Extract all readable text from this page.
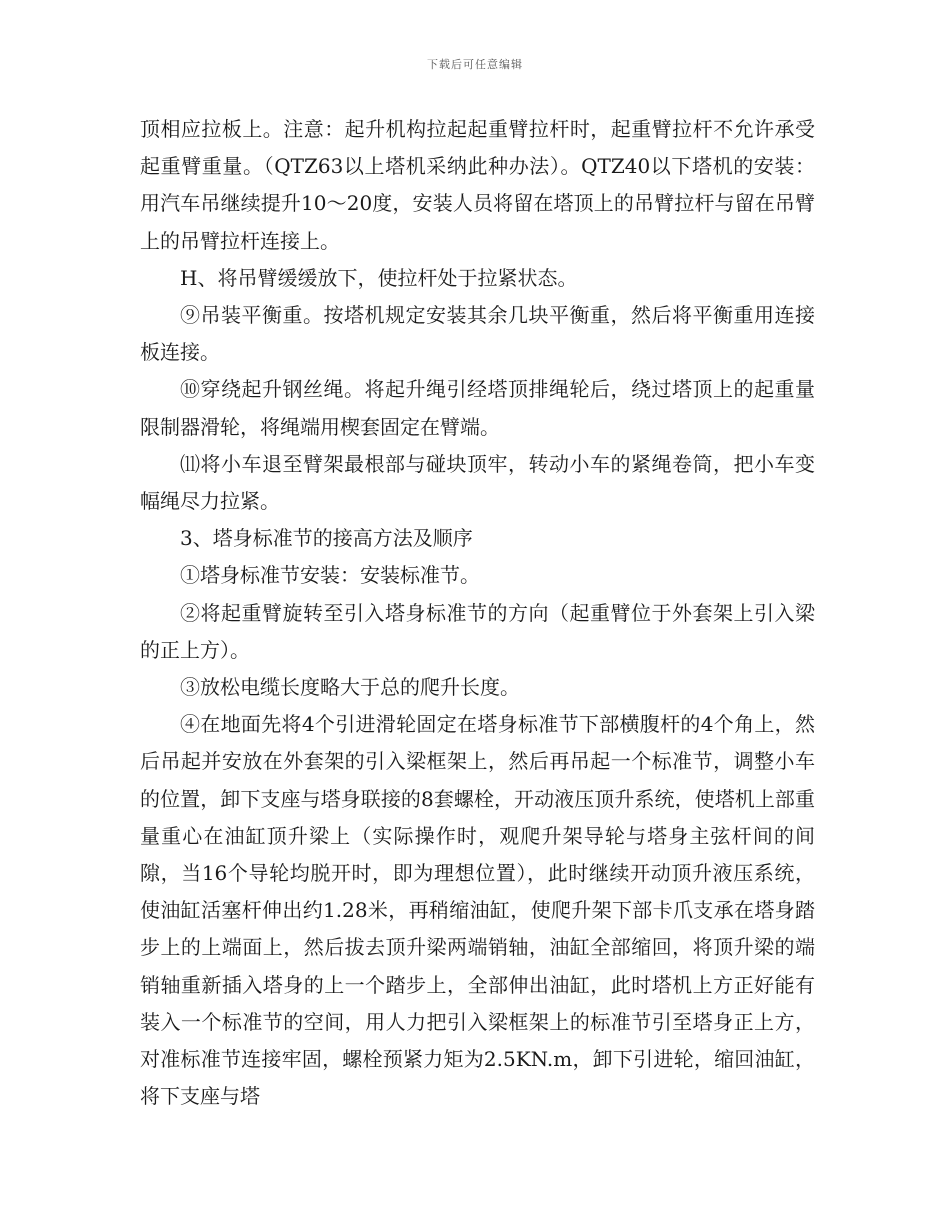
下载后可任意编辑

顶相应拉板上。注意：起升机构拉起起重臂拉杆时，起重臂拉杆不允许承受起重臂重量。（QTZ63以上塔机采纳此种办法）。QTZ40以下塔机的安装：用汽车吊继续提升10～20度，安装人员将留在塔顶上的吊臂拉杆与留在吊臂上的吊臂拉杆连接上。

H、将吊臂缓缓放下，使拉杆处于拉紧状态。

⑨吊装平衡重。按塔机规定安装其余几块平衡重，然后将平衡重用连接板连接。

⑩穿绕起升钢丝绳。将起升绳引经塔顶排绳轮后，绕过塔顶上的起重量限制器滑轮，将绳端用楔套固定在臂端。

⑾将小车退至臂架最根部与碰块顶牢，转动小车的紧绳卷筒，把小车变幅绳尽力拉紧。

3、塔身标准节的接高方法及顺序

①塔身标准节安装：安装标准节。

②将起重臂旋转至引入塔身标准节的方向（起重臂位于外套架上引入梁的正上方）。

③放松电缆长度略大于总的爬升长度。

④在地面先将4个引进滑轮固定在塔身标准节下部横腹杆的4个角上，然后吊起并安放在外套架的引入梁框架上，然后再吊起一个标准节，调整小车的位置，卸下支座与塔身联接的8套螺栓，开动液压顶升系统，使塔机上部重量重心在油缸顶升梁上（实际操作时，观爬升架导轮与塔身主弦杆间的间隙，当16个导轮均脱开时，即为理想位置），此时继续开动顶升液压系统，使油缸活塞杆伸出约1.28米，再稍缩油缸，使爬升架下部卡爪支承在塔身踏步上的上端面上，然后拔去顶升梁两端销轴，油缸全部缩回，将顶升梁的端销轴重新插入塔身的上一个踏步上，全部伸出油缸，此时塔机上方正好能有装入一个标准节的空间，用人力把引入梁框架上的标准节引至塔身正上方，对准标准节连接牢固，螺栓预紧力矩为2.5KN.m，卸下引进轮，缩回油缸，将下支座与塔
